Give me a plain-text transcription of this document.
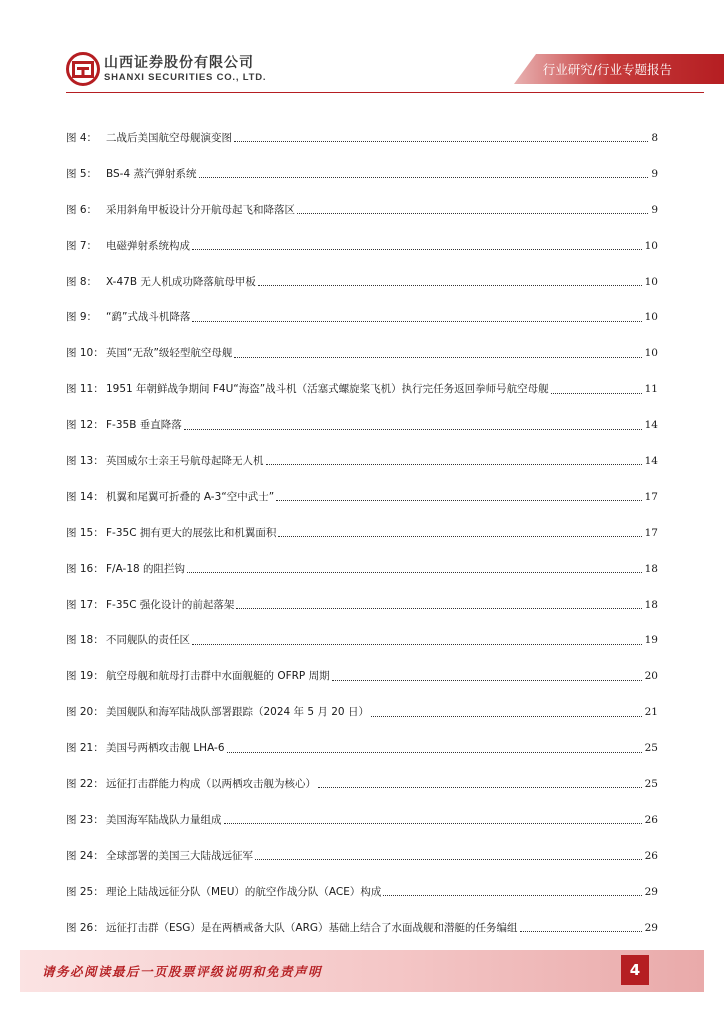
山西证券股份有限公司
SHANXI SECURITIES CO., LTD.
行业研究/行业专题报告
图 4： 二战后美国航空母舰演变图	8
图 5： BS-4 蒸汽弹射系统	9
图 6： 采用斜角甲板设计分开航母起飞和降落区	9
图 7： 电磁弹射系统构成	10
图 8： X-47B 无人机成功降落航母甲板	10
图 9： “鹞”式战斗机降落	10
图 10： 英国“无敌”级轻型航空母舰	10
图 11： 1951 年朝鲜战争期间 F4U“海盗”战斗机（活塞式螺旋桨飞机）执行完任务返回拳师号航空母舰	11
图 12： F-35B 垂直降落	14
图 13： 英国威尔士亲王号航母起降无人机	14
图 14： 机翼和尾翼可折叠的 A-3“空中武士”	17
图 15： F-35C 拥有更大的展弦比和机翼面积	17
图 16： F/A-18 的阻拦钩	18
图 17： F-35C 强化设计的前起落架	18
图 18： 不同舰队的责任区	19
图 19： 航空母舰和航母打击群中水面舰艇的 OFRP 周期	20
图 20： 美国舰队和海军陆战队部署跟踪（2024 年 5 月 20 日）	21
图 21： 美国号两栖攻击舰 LHA-6	25
图 22： 远征打击群能力构成（以两栖攻击舰为核心）	25
图 23： 美国海军陆战队力量组成	26
图 24： 全球部署的美国三大陆战远征军	26
图 25： 理论上陆战远征分队（MEU）的航空作战分队（ACE）构成	29
图 26： 远征打击群（ESG）是在两栖戒备大队（ARG）基础上结合了水面战舰和潜艇的任务编组	29
请务必阅读最后一页股票评级说明和免责声明	4
